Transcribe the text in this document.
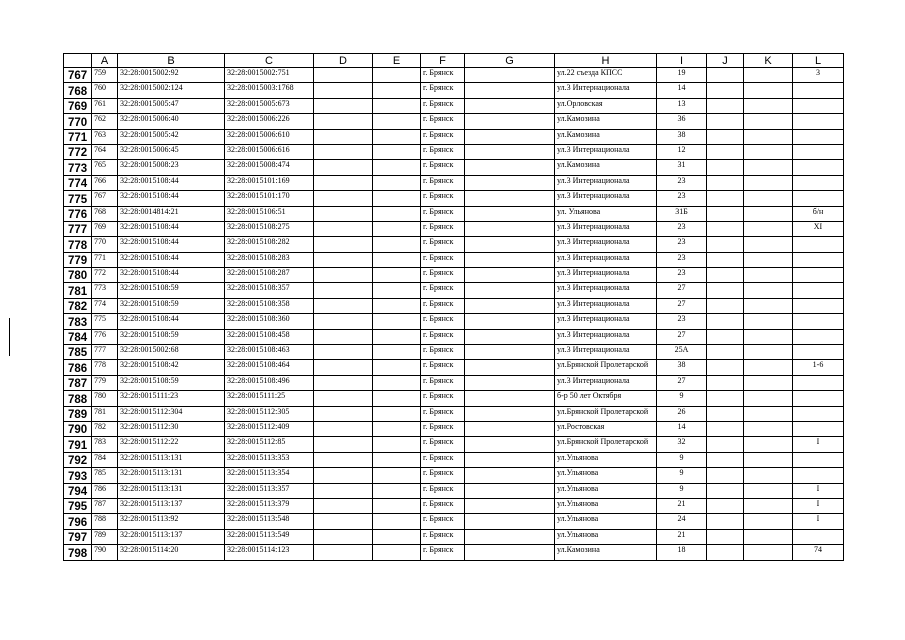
	A	B	C	D	E	F	G	H	I	J	K	L
767	759	32:28:0015002:92	32:28:0015002:751			г. Брянск		ул.22 съезда КПСС	19			3
768	760	32:28:0015002:124	32:28:0015003:1768			г. Брянск		ул.3 Интернационала	14			
769	761	32:28:0015005:47	32:28:0015005:673			г. Брянск		ул.Орловская	13			
770	762	32:28:0015006:40	32:28:0015006:226			г. Брянск		ул.Камозина	36			
771	763	32:28:0015005:42	32:28:0015006:610			г. Брянск		ул.Камозина	38			
772	764	32:28:0015006:45	32:28:0015006:616			г. Брянск		ул.3 Интернационала	12			
773	765	32:28:0015008:23	32:28:0015008:474			г. Брянск		ул.Камозина	31			
774	766	32:28:0015108:44	32:28:0015101:169			г. Брянск		ул.3 Интернационала	23			
775	767	32:28:0015108:44	32:28:0015101:170			г. Брянск		ул.3 Интернационала	23			
776	768	32:28:0014814:21	32:28:0015106:51			г. Брянск		ул. Ульянова	31Б			б/н
777	769	32:28:0015108:44	32:28:0015108:275			г. Брянск		ул.3 Интернационала	23			XI
778	770	32:28:0015108:44	32:28:0015108:282			г. Брянск		ул.3 Интернационала	23			
779	771	32:28:0015108:44	32:28:0015108:283			г. Брянск		ул.3 Интернационала	23			
780	772	32:28:0015108:44	32:28:0015108:287			г. Брянск		ул.3 Интернационала	23			
781	773	32:28:0015108:59	32:28:0015108:357			г. Брянск		ул.3 Интернационала	27			
782	774	32:28:0015108:59	32:28:0015108:358			г. Брянск		ул.3 Интернационала	27			
783	775	32:28:0015108:44	32:28:0015108:360			г. Брянск		ул.3 Интернационала	23			
784	776	32:28:0015108:59	32:28:0015108:458			г. Брянск		ул.3 Интернационала	27			
785	777	32:28:0015002:68	32:28:0015108:463			г. Брянск		ул.3 Интернационала	25А			
786	778	32:28:0015108:42	32:28:0015108:464			г. Брянск		ул.Брянской Пролетарской	38			1-6
787	779	32:28:0015108:59	32:28:0015108:496			г. Брянск		ул.3 Интернационала	27			
788	780	32:28:0015111:23	32:28:0015111:25			г. Брянск		б-р 50 лет Октября	9			
789	781	32:28:0015112:304	32:28:0015112:305			г. Брянск		ул.Брянской Пролетарской	26			
790	782	32:28:0015112:30	32:28:0015112:409			г. Брянск		ул.Ростовская	14			
791	783	32:28:0015112:22	32:28:0015112:85			г. Брянск		ул.Брянской Пролетарской	32			I
792	784	32:28:0015113:131	32:28:0015113:353			г. Брянск		ул.Ульянова	9			
793	785	32:28:0015113:131	32:28:0015113:354			г. Брянск		ул.Ульянова	9			
794	786	32:28:0015113:131	32:28:0015113:357			г. Брянск		ул.Ульянова	9			I
795	787	32:28:0015113:137	32:28:0015113:379			г. Брянск		ул.Ульянова	21			I
796	788	32:28:0015113:92	32:28:0015113:548			г. Брянск		ул.Ульянова	24			I
797	789	32:28:0015113:137	32:28:0015113:549			г. Брянск		ул.Ульянова	21			
798	790	32:28:0015114:20	32:28:0015114:123			г. Брянск		ул.Камозина	18			74
